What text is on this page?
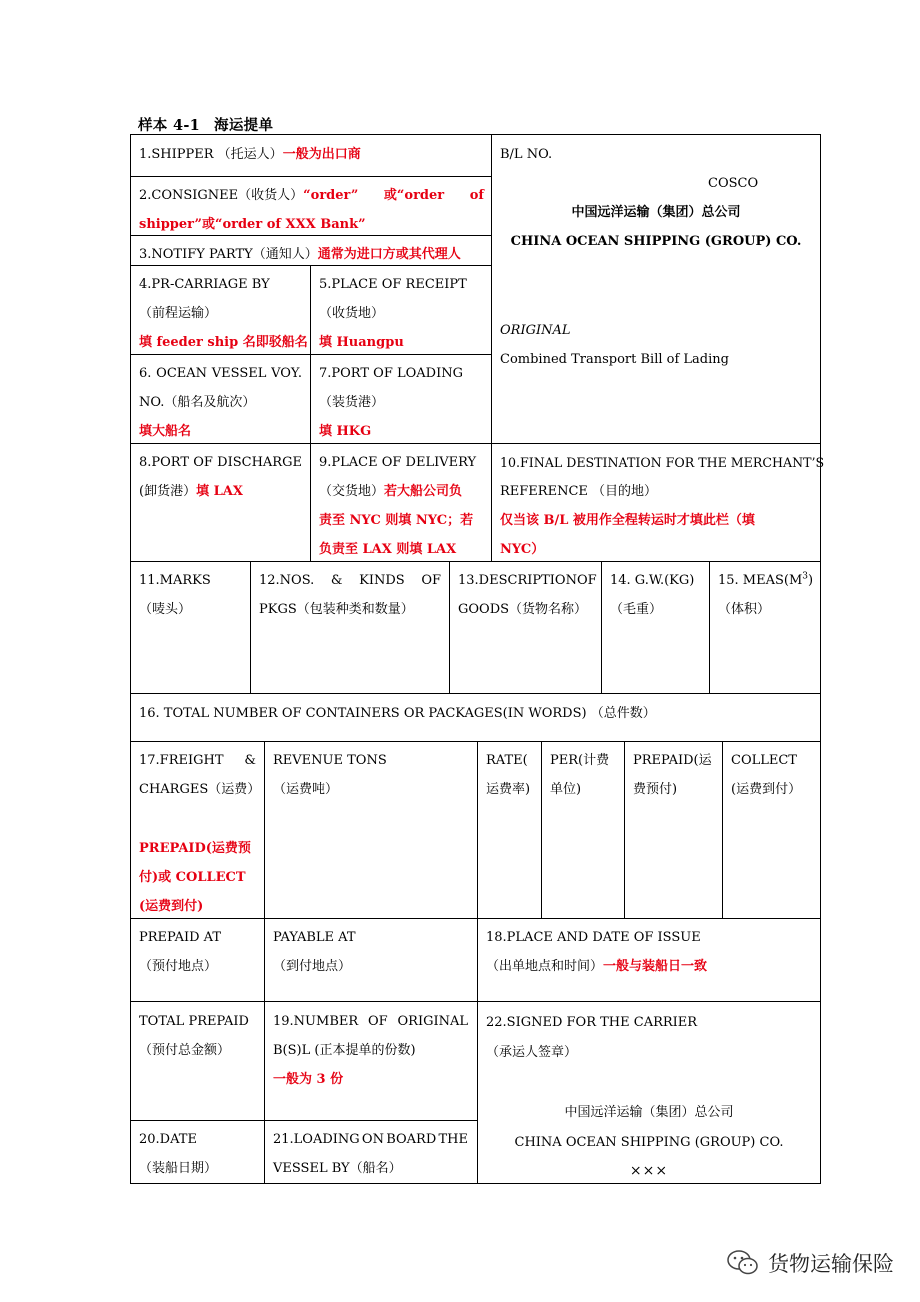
样本 4-1 海运提单
1.SHIPPER （托运人）一般为出口商	B/L NO.
COSCO
中国远洋运输（集团）总公司
CHINA OCEAN SHIPPING (GROUP) CO.
ORIGINAL
Combined Transport Bill of Lading
2.CONSIGNEE（收货人）“order” 或“order of
shipper”或“order of XXX Bank”
3.NOTIFY PARTY（通知人）通常为进口方或其代理人
4.PR-CARRIAGE BY
（前程运输）
填 feeder ship 名即驳船名
5.PLACE OF RECEIPT
（收货地）
填 Huangpu
6. OCEAN VESSEL VOY.
NO.（船名及航次）
填大船名
7.PORT OF LOADING
（装货港）
填 HKG
8.PORT OF DISCHARGE
(卸货港）填 LAX
9.PLACE OF DELIVERY
（交货地）若大船公司负
责至 NYC 则填 NYC；若
负责至 LAX 则填 LAX
10.FINAL DESTINATION FOR THE MERCHANT’S
REFERENCE （目的地）
仅当该 B/L 被用作全程转运时才填此栏（填
NYC）
11.MARKS
（唛头）
12.NOS. & KINDS OF
PKGS（包装种类和数量）
13.DESCRIPTION OF
GOODS（货物名称）
14. G.W.(KG)
（毛重）
15. $MEAS(M^3)$
（体积）
16. TOTAL NUMBER OF CONTAINERS OR PACKAGES(IN WORDS) （总件数）
17.FREIGHT &
CHARGES（运费）
PREPAID(运费预
付)或 COLLECT
(运费到付)
REVENUE TONS
（运费吨）
RATE(
运费率)
PER(计费
单位)
PREPAID(运
费预付)
COLLECT
(运费到付）
PREPAID AT
（预付地点）
PAYABLE AT
（到付地点）
18.PLACE AND DATE OF ISSUE
（出单地点和时间）一般与装船日一致
TOTAL PREPAID
（预付总金额）
19.NUMBER OF ORIGINAL
B(S)L (正本提单的份数)
一般为 3 份
22.SIGNED FOR THE CARRIER
（承运人签章）
中国远洋运输（集团）总公司
CHINA OCEAN SHIPPING (GROUP) CO.
×××
20.DATE
（装船日期）
21.LOADING ON BOARD THE
VESSEL BY（船名）
货物运输保险
